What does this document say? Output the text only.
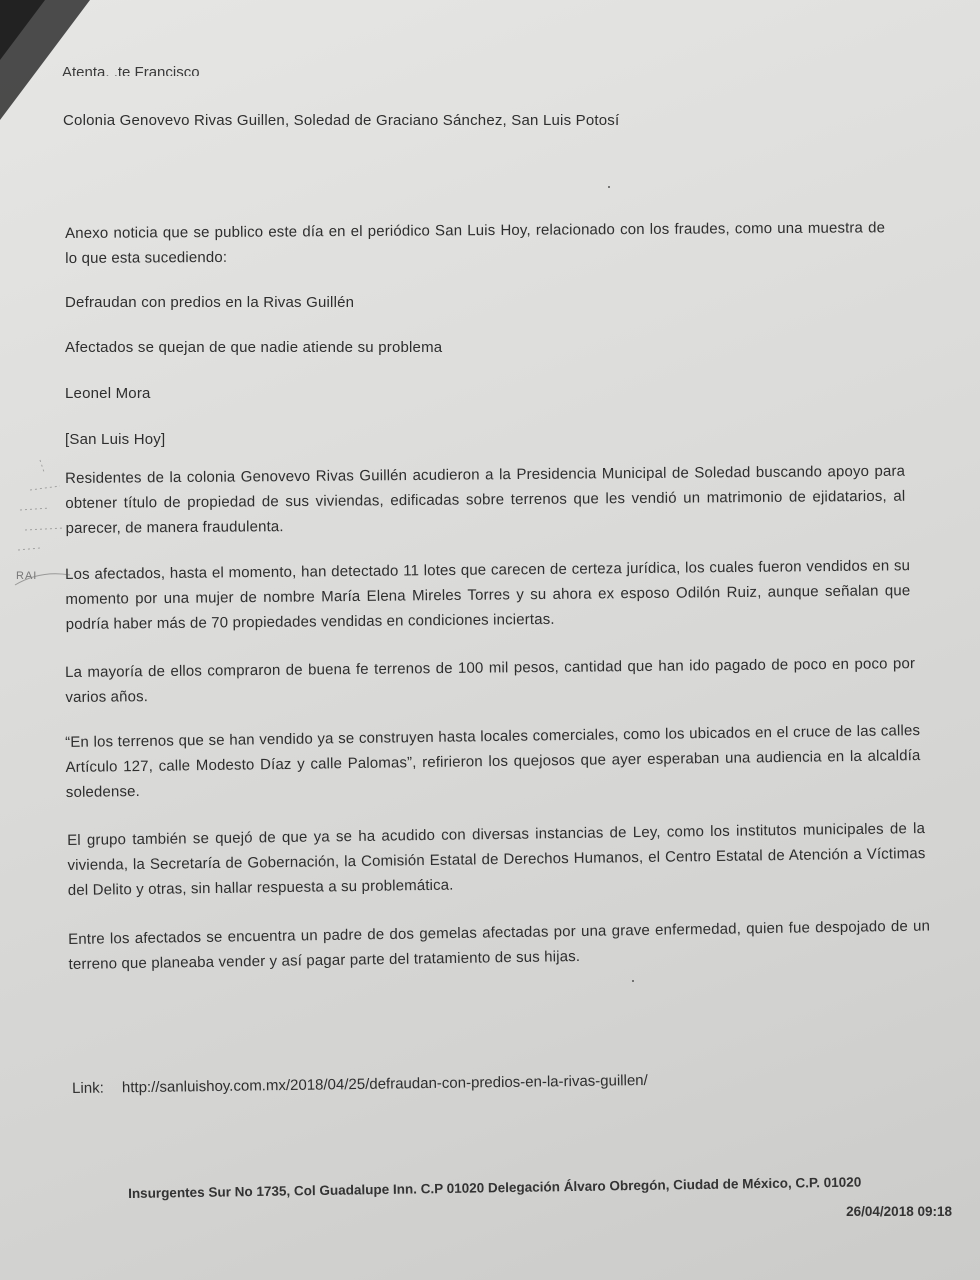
Atenta. .te Francisco
Colonia Genovevo Rivas Guillen, Soledad de Graciano Sánchez, San Luis Potosí
Anexo noticia que se publico este día en el periódico San Luis Hoy, relacionado con los fraudes, como una muestra de lo que esta sucediendo:
Defraudan con predios en la Rivas Guillén
Afectados se quejan de que nadie atiende su problema
Leonel Mora
[San Luis Hoy]
Residentes de la colonia Genovevo Rivas Guillén acudieron a la Presidencia Municipal de Soledad buscando apoyo para obtener título de propiedad de sus viviendas, edificadas sobre terrenos que les vendió un matrimonio de ejidatarios, al parecer, de manera fraudulenta.
Los afectados, hasta el momento, han detectado 11 lotes que carecen de certeza jurídica, los cuales fueron vendidos en su momento por una mujer de nombre María Elena Mireles Torres y su ahora ex esposo Odilón Ruiz, aunque señalan que podría haber más de 70 propiedades vendidas en condiciones inciertas.
La mayoría de ellos compraron de buena fe terrenos de 100 mil pesos, cantidad que han ido pagado de poco en poco por varios años.
“En los terrenos que se han vendido ya se construyen hasta locales comerciales, como los ubicados en el cruce de las calles Artículo 127, calle Modesto Díaz y calle Palomas”, refirieron los quejosos que ayer esperaban una audiencia en la alcaldía soledense.
El grupo también se quejó de que ya se ha acudido con diversas instancias de Ley, como los institutos municipales de la vivienda, la Secretaría de Gobernación, la Comisión Estatal de Derechos Humanos, el Centro Estatal de Atención a Víctimas del Delito y otras, sin hallar respuesta a su problemática.
Entre los afectados se encuentra un padre de dos gemelas afectadas por una grave enfermedad, quien fue despojado de un terreno que planeaba vender y así pagar parte del tratamiento de sus hijas.
Link: http://sanluishoy.com.mx/2018/04/25/defraudan-con-predios-en-la-rivas-guillen/
RAI
Insurgentes Sur No 1735, Col Guadalupe Inn. C.P 01020 Delegación Álvaro Obregón, Ciudad de México, C.P. 01020
26/04/2018 09:18
